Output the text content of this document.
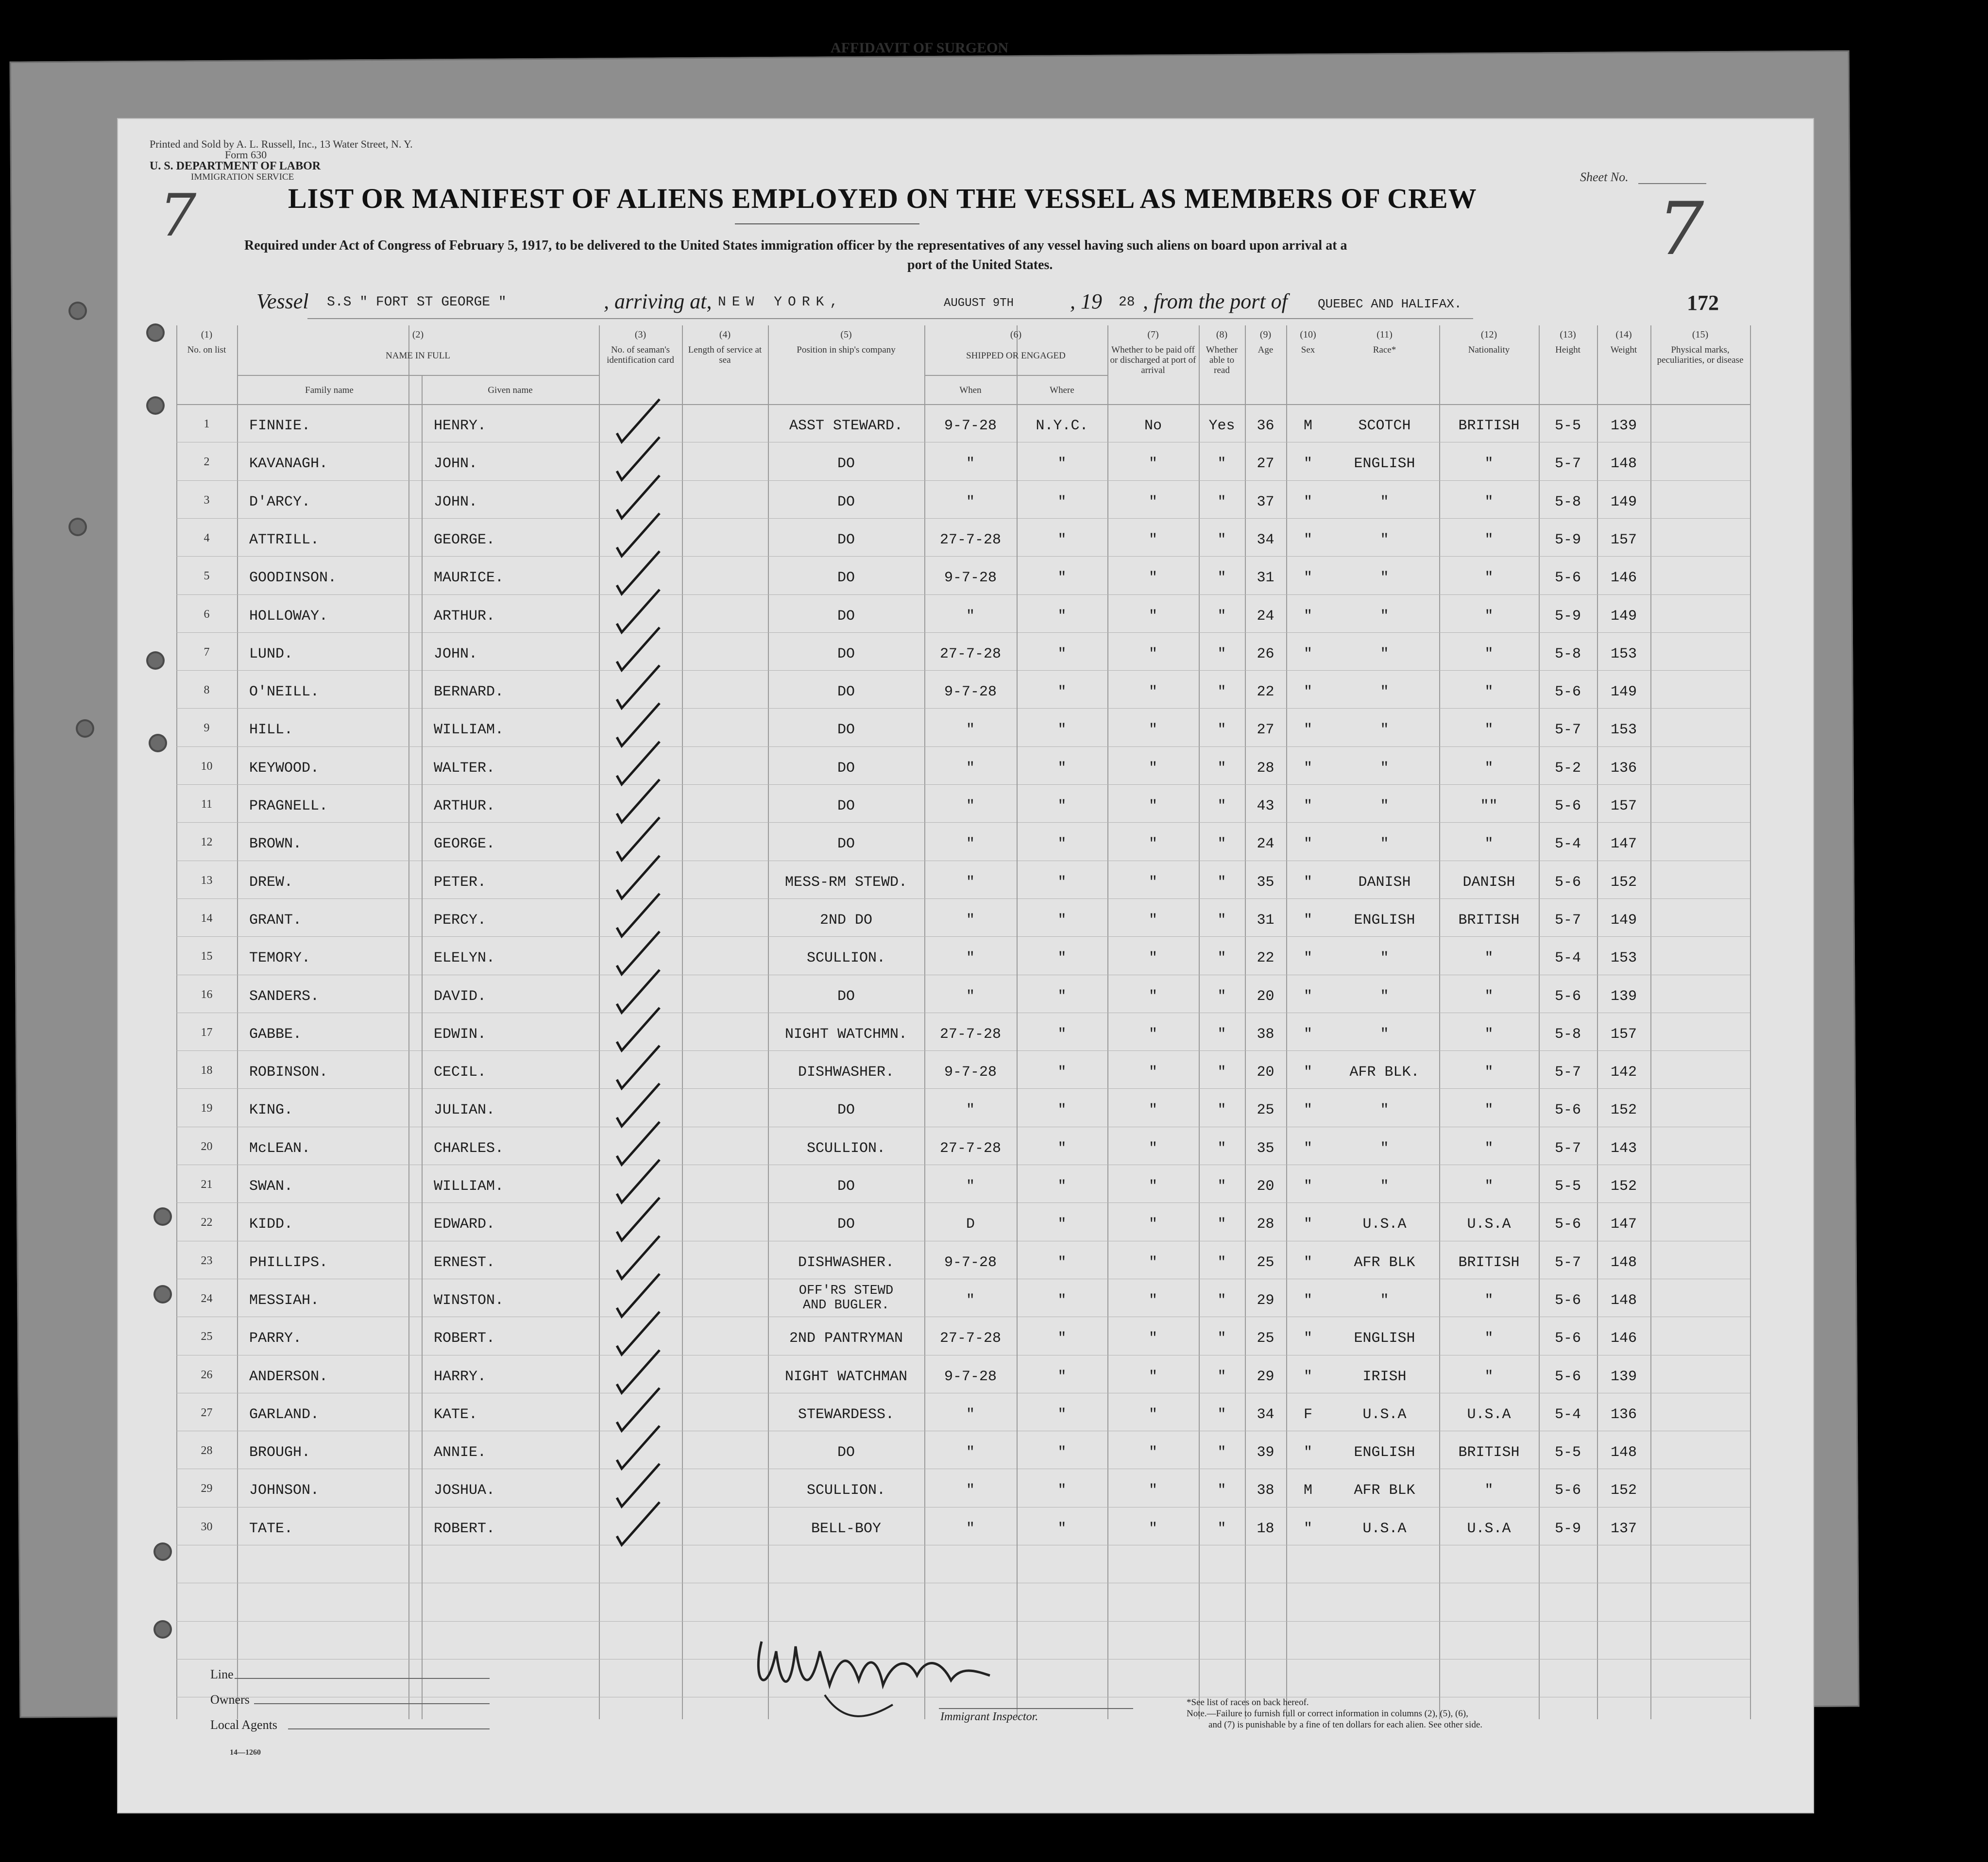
AFFIDAVIT OF SURGEON
Printed and Sold by A. L. Russell, Inc., 13 Water Street, N. Y.
Form 630
U. S. DEPARTMENT OF LABOR
IMMIGRATION SERVICE
7
Sheet No.
7
LIST OR MANIFEST OF ALIENS EMPLOYED ON THE VESSEL AS MEMBERS OF CREW
Required under Act of Congress of February 5, 1917, to be delivered to the United States immigration officer by the representatives of any vessel having such aliens on board upon arrival at a
port of the United States.
Vessel S.S " FORT ST GEORGE "	, arriving at, NEW YORK,	AUGUST 9TH	, 19 28 , from the port of QUEBEC AND HALIFAX.	172
(1)
No. on list
(2)
NAME IN FULL
Family name	Given name
(3)
No. of seaman's identification card
(4)
Length of service at sea
(5)
Position in ship's company
(6)
SHIPPED OR ENGAGED
When	Where
(7)
Whether to be paid off or discharged at port of arrival
(8)
Whether able to read
(9)
Age
(10)
Sex
(11)
Race*
(12)
Nationality
(13)
Height
(14)
Weight
(15)
Physical marks, peculiarities, or disease
1	FINNIE.	HENRY.	ASST STEWARD.	9-7-28	N.Y.C.	No	Yes	36	M	SCOTCH	BRITISH	5-5	139
2	KAVANAGH.	JOHN.	DO	"	"	"	"	27	"	ENGLISH	"	5-7	148
3	D'ARCY.	JOHN.	DO	"	"	"	"	37	"	"	"	5-8	149
4	ATTRILL.	GEORGE.	DO	27-7-28	"	"	"	34	"	"	"	5-9	157
5	GOODINSON.	MAURICE.	DO	9-7-28	"	"	"	31	"	"	"	5-6	146
6	HOLLOWAY.	ARTHUR.	DO	"	"	"	"	24	"	"	"	5-9	149
7	LUND.	JOHN.	DO	27-7-28	"	"	"	26	"	"	"	5-8	153
8	O'NEILL.	BERNARD.	DO	9-7-28	"	"	"	22	"	"	"	5-6	149
9	HILL.	WILLIAM.	DO	"	"	"	"	27	"	"	"	5-7	153
10	KEYWOOD.	WALTER.	DO	"	"	"	"	28	"	"	"	5-2	136
11	PRAGNELL.	ARTHUR.	DO	"	"	"	"	43	"	"	""	5-6	157
12	BROWN.	GEORGE.	DO	"	"	"	"	24	"	"	"	5-4	147
13	DREW.	PETER.	MESS-RM STEWD.	"	"	"	"	35	"	DANISH	DANISH	5-6	152
14	GRANT.	PERCY.	2ND DO	"	"	"	"	31	"	ENGLISH	BRITISH	5-7	149
15	TEMORY.	ELELYN.	SCULLION.	"	"	"	"	22	"	"	"	5-4	153
16	SANDERS.	DAVID.	DO	"	"	"	"	20	"	"	"	5-6	139
17	GABBE.	EDWIN.	NIGHT WATCHMN.	27-7-28	"	"	"	38	"	"	"	5-8	157
18	ROBINSON.	CECIL.	DISHWASHER.	9-7-28	"	"	"	20	"	AFR BLK.	"	5-7	142
19	KING.	JULIAN.	DO	"	"	"	"	25	"	"	"	5-6	152
20	McLEAN.	CHARLES.	SCULLION.	27-7-28	"	"	"	35	"	"	"	5-7	143
21	SWAN.	WILLIAM.	DO	"	"	"	"	20	"	"	"	5-5	152
22	KIDD.	EDWARD.	DO	D	"	"	"	28	"	U.S.A	U.S.A	5-6	147
23	PHILLIPS.	ERNEST.	DISHWASHER.	9-7-28	"	"	"	25	"	AFR BLK	BRITISH	5-7	148
24	MESSIAH.	WINSTON.
OFF'RS STEWD
AND BUGLER.	"	"	"	"	29	"	"	"	5-6	148
25	PARRY.	ROBERT.	2ND PANTRYMAN	27-7-28	"	"	"	25	"	ENGLISH	"	5-6	146
26	ANDERSON.	HARRY.	NIGHT WATCHMAN	9-7-28	"	"	"	29	"	IRISH	"	5-6	139
27	GARLAND.	KATE.	STEWARDESS.	"	"	"	"	34	F	U.S.A	U.S.A	5-4	136
28	BROUGH.	ANNIE.	DO	"	"	"	"	39	"	ENGLISH	BRITISH	5-5	148
29	JOHNSON.	JOSHUA.	SCULLION.	"	"	"	"	38	M	AFR BLK	"	5-6	152
30	TATE.	ROBERT.	BELL-BOY	"	"	"	"	18	"	U.S.A	U.S.A	5-9	137
Line
Owners
Local Agents
14—1260
Immigrant Inspector.
*See list of races on back hereof.
Note.—Failure to furnish full or correct information in columns (2), (5), (6),
and (7) is punishable by a fine of ten dollars for each alien. See other side.
